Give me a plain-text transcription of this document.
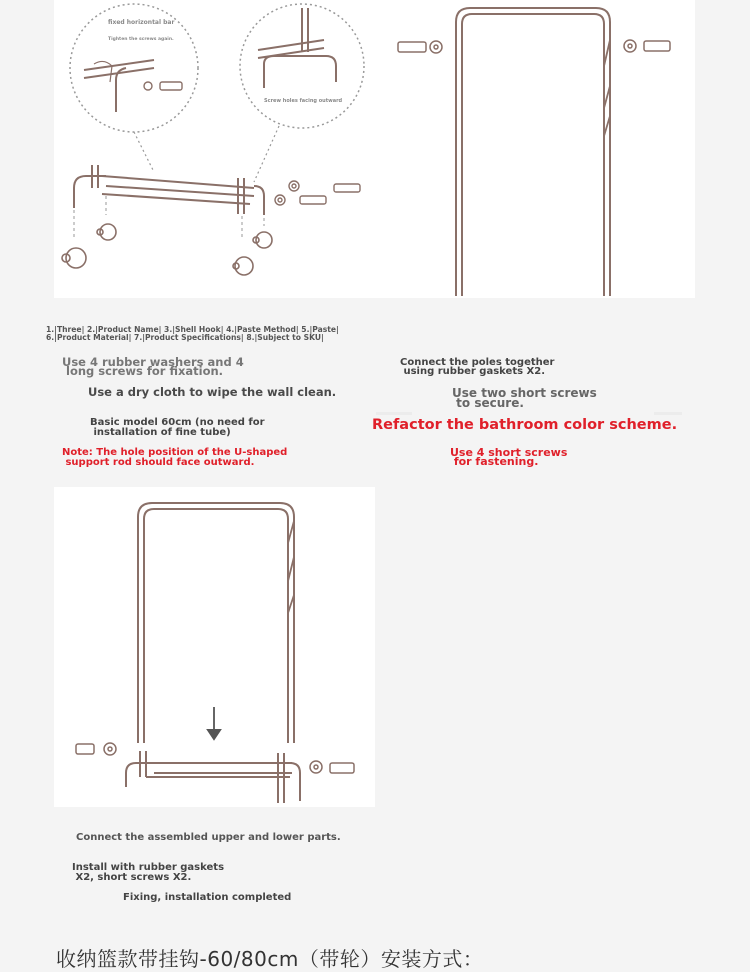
fixed horizontal bar
Tighten the screws again.
Screw holes facing outward
1.|Three| 2.|Product Name| 3.|Shell Hook| 4.|Paste Method| 5.|Paste|
6.|Product Material| 7.|Product Specifications| 8.|Subject to SKU|
Use 4 rubber washers and 4
long screws for fixation.
Use a dry cloth to wipe the wall clean.
Basic model 60cm (no need for
installation of fine tube)
Note: The hole position of the U-shaped
support rod should face outward.
Connect the poles together
using rubber gaskets X2.
Use two short screws
to secure.
Refactor the bathroom color scheme.
Use 4 short screws
for fastening.
Connect the assembled upper and lower parts.
Install with rubber gaskets
X2, short screws X2.
Fixing, installation completed
收纳篮款带挂钩-60/80cm（带轮）安装方式：
